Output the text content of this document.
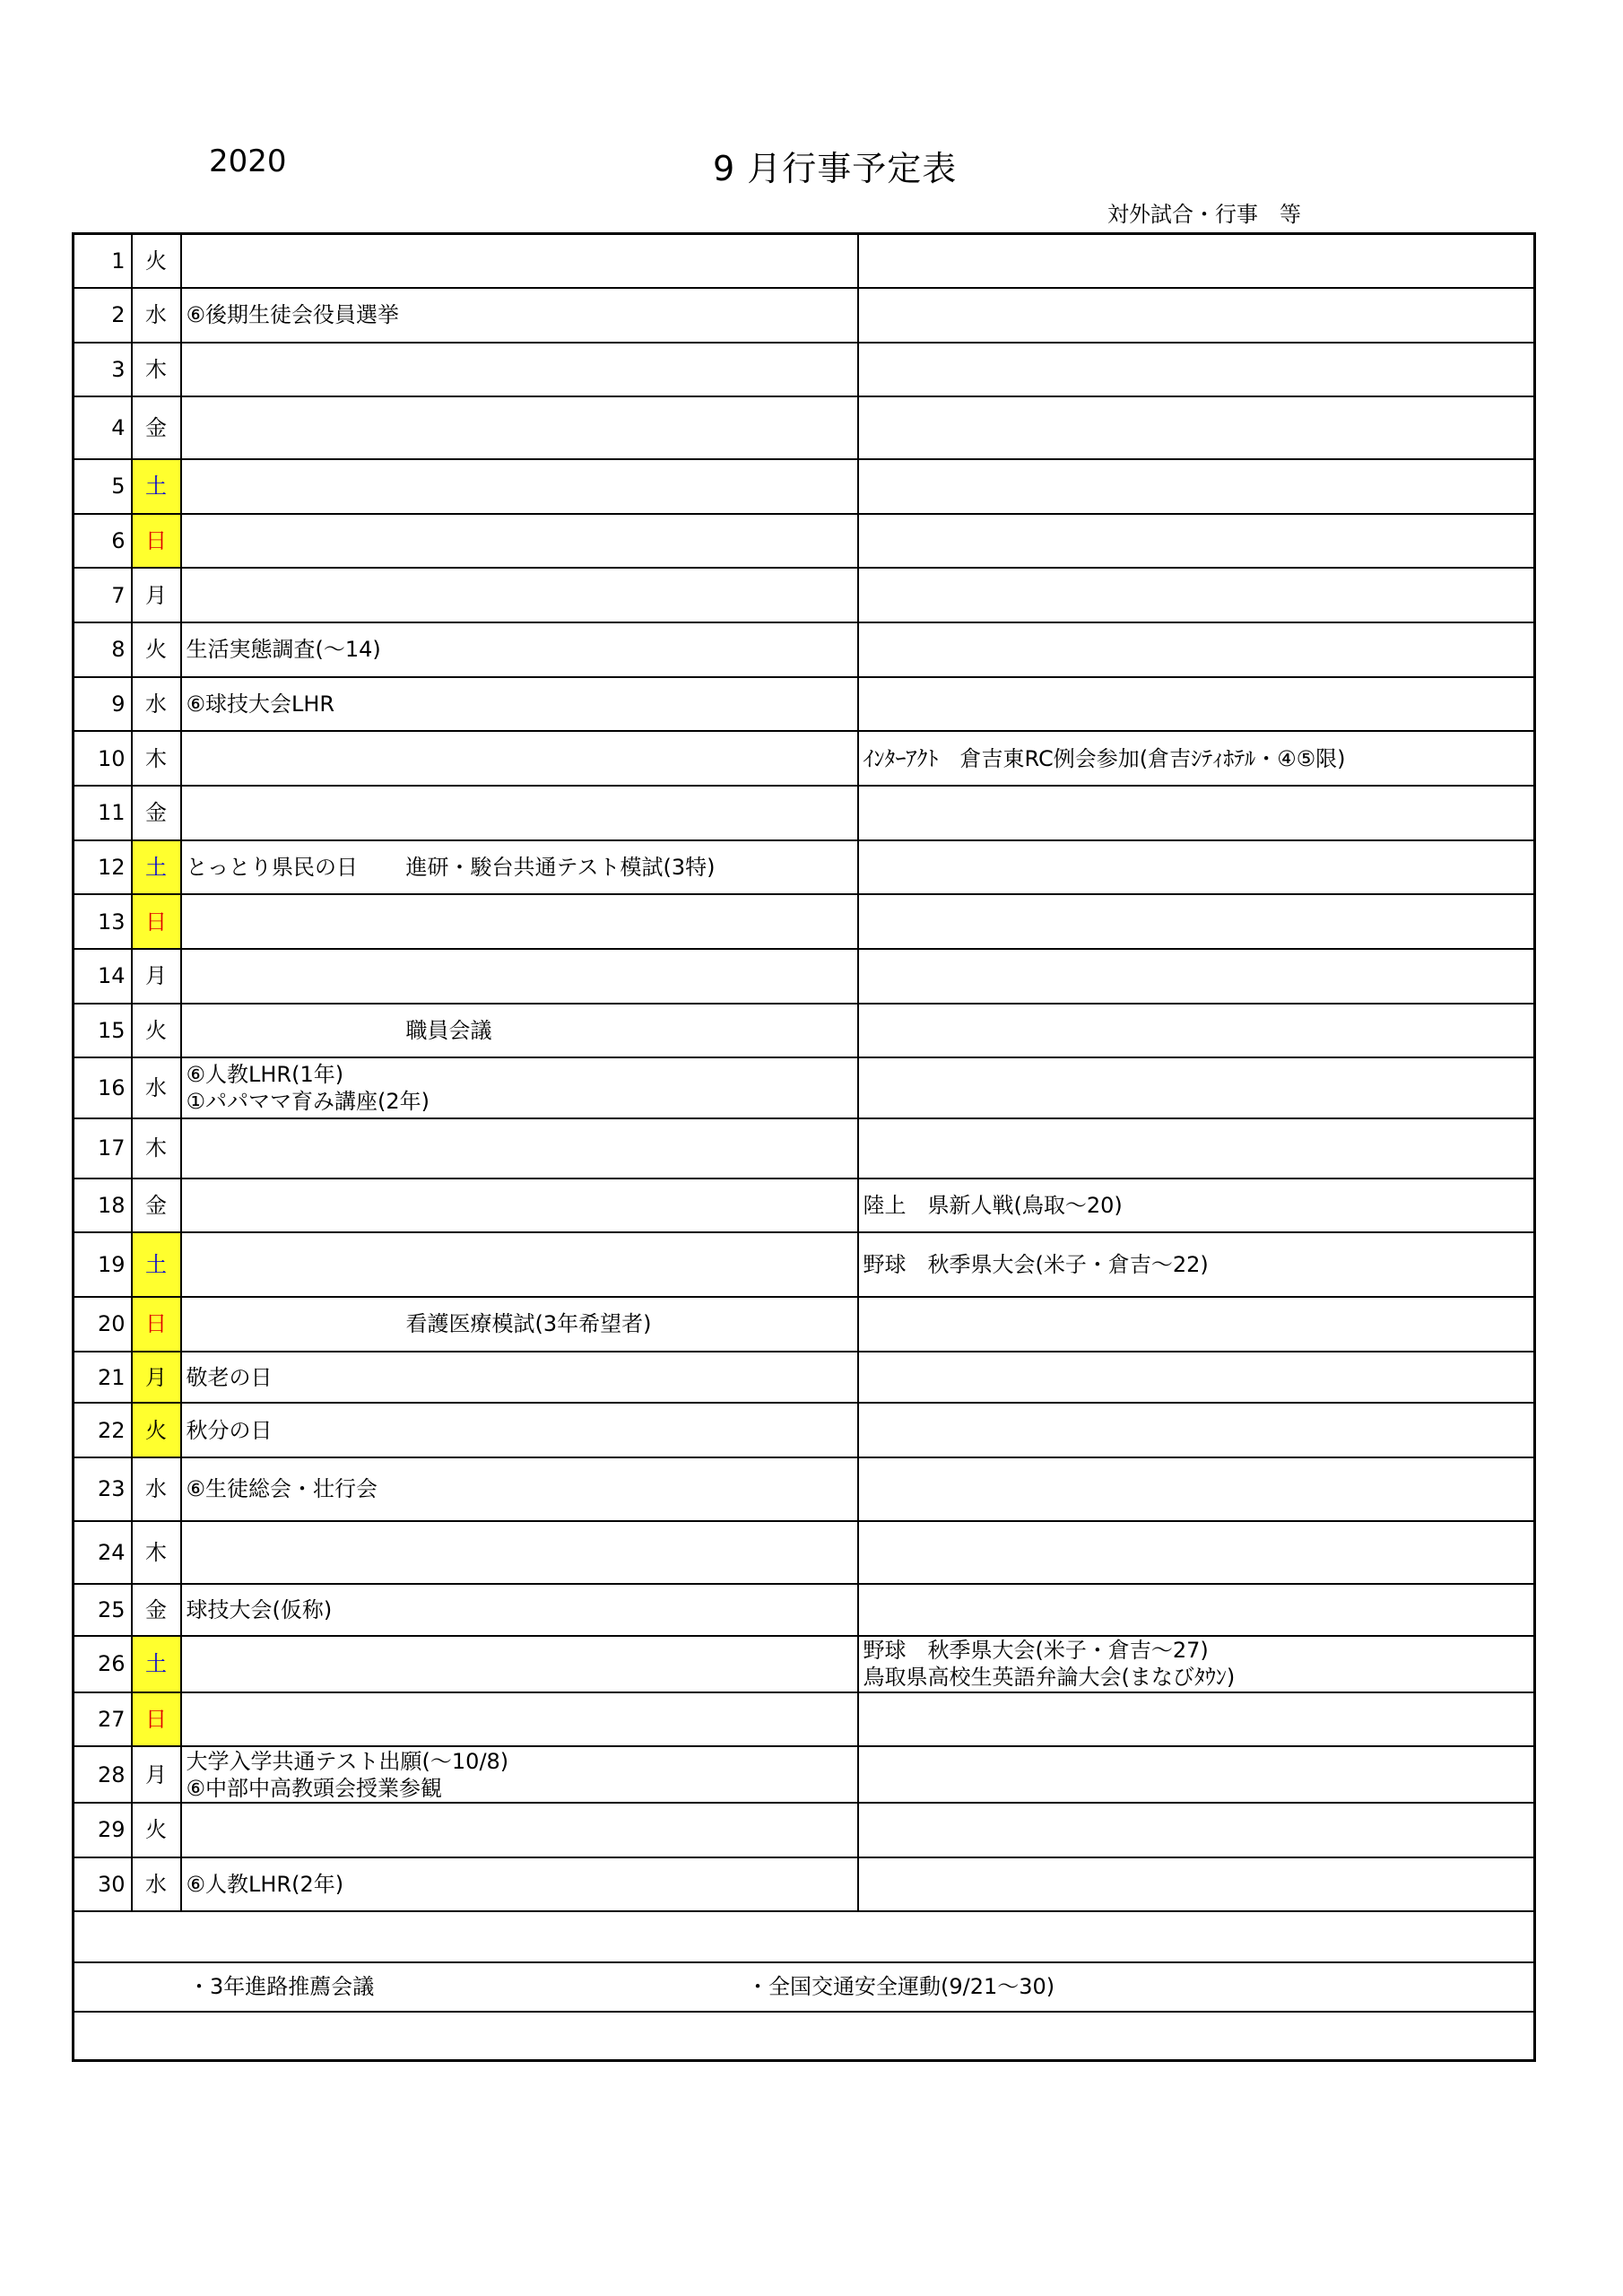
2020	9 月行事予定表
対外試合・行事　等
1	火		
2	水	⑥後期生徒会役員選挙	

3	木		
4	金		
5	土		
6	日		
7	月		
8	火	生活実態調査(～14)	

9	水	⑥球技大会LHR	

10	木		ｲﾝﾀｰｱｸﾄ　倉吉東RC例会参加(倉吉ｼﾃｨﾎﾃﾙ・④⑤限)

11	金		
12	土	とっとり県民の日 進研・駿台共通テスト模試(3特)	

13	日		
14	月		
15	火	職員会議	

16	水	⑥人教LHR(1年)
①パパママ育み講座(2年)	

17	木		
18	金		陸上　県新人戦(鳥取～20)

19	土		野球　秋季県大会(米子・倉吉～22)

20	日	看護医療模試(3年希望者)	

21	月	敬老の日	

22	火	秋分の日	

23	水	⑥生徒総会・壮行会	

24	木		
25	金	球技大会(仮称)	

26	土		野球　秋季県大会(米子・倉吉～27)
鳥取県高校生英語弁論大会(まなびﾀｳﾝ)

27	日		
28	月	大学入学共通テスト出願(～10/8)
⑥中部中高教頭会授業参観	

29	火		
30	水	⑥人教LHR(2年)	

・3年進路推薦会議 ・全国交通安全運動(9/21～30)			
